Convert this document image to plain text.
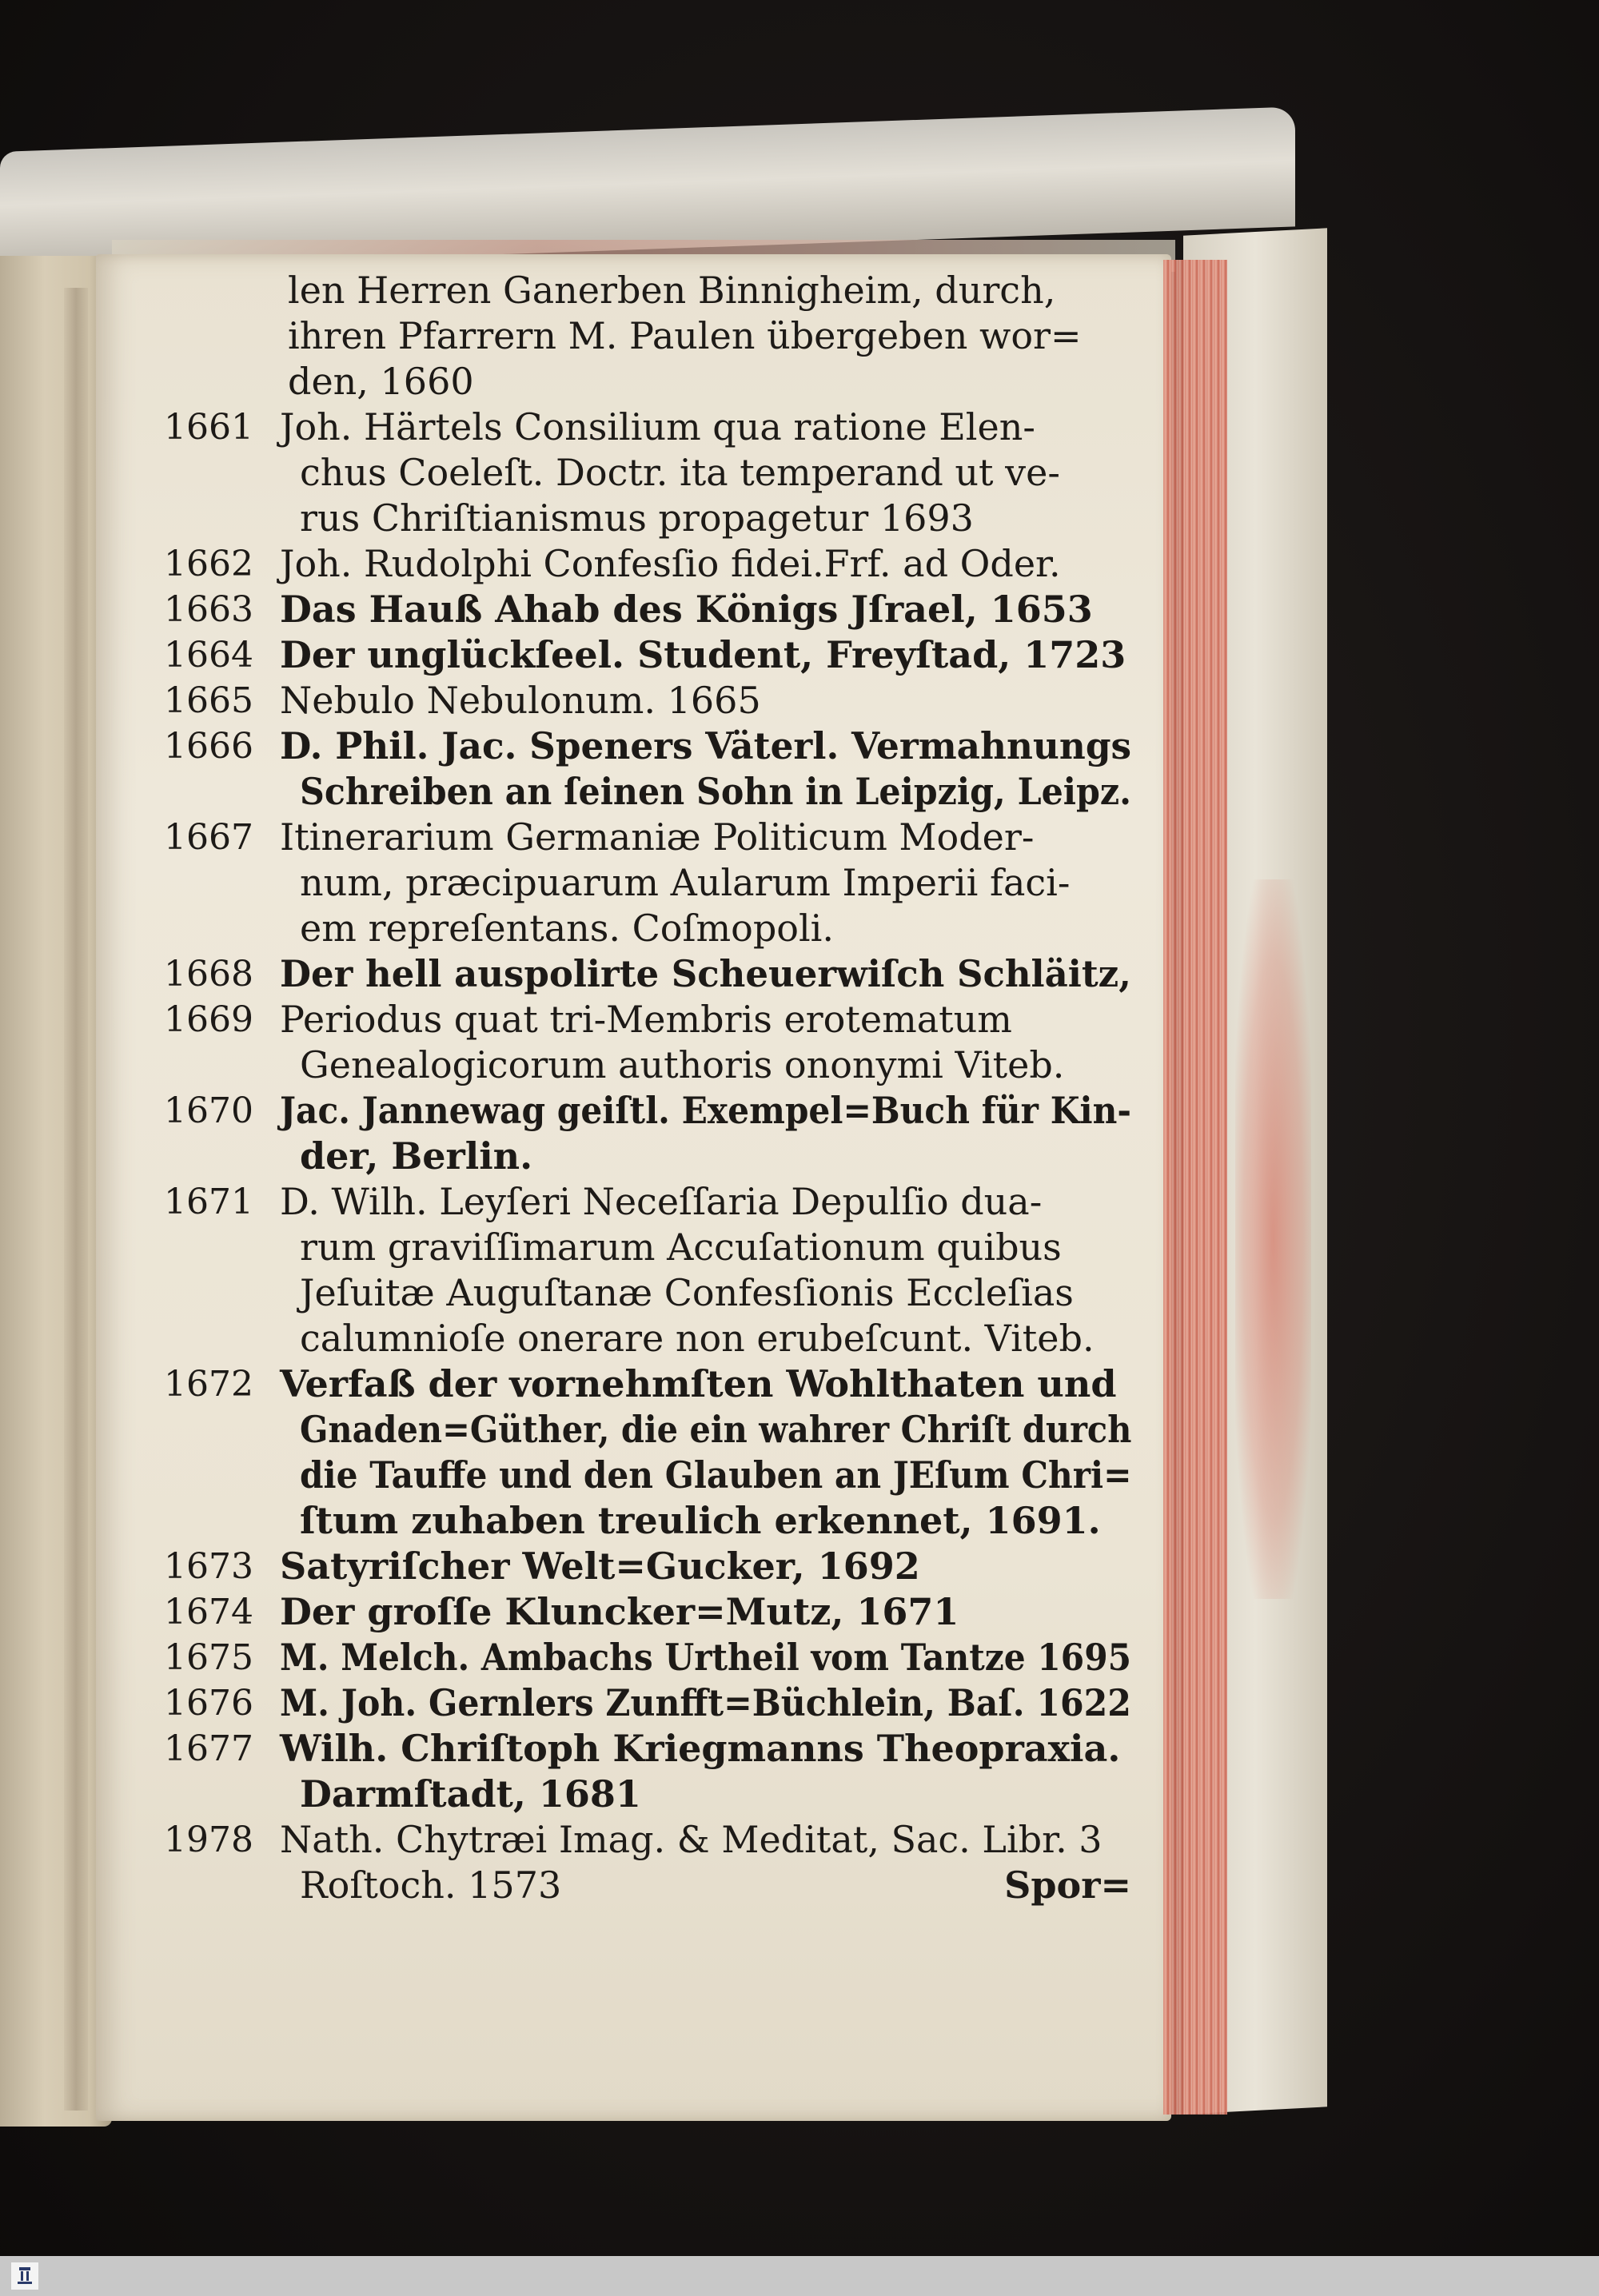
len Herren Ganerben Binnigheim, durch,
ihren Pfarrern M. Paulen übergeben wor=
den, 1660
1661 Joh. Härtels Consilium qua ratione Elen-
chus Coeleſt. Doctr. ita temperand ut ve-
rus Chriſtianismus propagetur 1693
1662 Joh. Rudolphi Confesſio fidei.Frf. ad Oder.
1663 Das Hauß Ahab des Königs Jſrael, 1653
1664 Der unglückſeel. Student, Freyſtad, 1723
1665 Nebulo Nebulonum. 1665
1666 D. Phil. Jac. Speners Väterl. Vermahnungs
Schreiben an ſeinen Sohn in Leipzig, Leipz.
1667 Itinerarium Germaniæ Politicum Moder-
num, præcipuarum Aularum Imperii faci-
em repreſentans. Coſmopoli.
1668 Der hell auspolirte Scheuerwiſch Schläitz,
1669 Periodus quat tri-Membris erotematum
Genealogicorum authoris ononymi Viteb.
1670 Jac. Jannewag geiſtl. Exempel=Buch für Kin-
der, Berlin.
1671 D. Wilh. Leyſeri Neceſſaria Depulſio dua-
rum graviſſimarum Accuſationum quibus
Jeſuitæ Auguſtanæ Confesſionis Eccleſias
calumnioſe onerare non erubeſcunt. Viteb.
1672 Verfaß der vornehmſten Wohlthaten und
Gnaden=Güther, die ein wahrer Chriſt durch
die Tauffe und den Glauben an JEſum Chri=
ſtum zuhaben treulich erkennet, 1691.
1673 Satyriſcher Welt=Gucker, 1692
1674 Der groſſe Kluncker=Mutz, 1671
1675 M. Melch. Ambachs Urtheil vom Tantze 1695
1676 M. Joh. Gernlers Zunfft=Büchlein, Baſ. 1622
1677 Wilh. Chriſtoph Kriegmanns Theopraxia.
Darmſtadt, 1681
1978 Nath. Chytræi Imag. & Meditat, Sac. Libr. 3
Roſtoch. 1573	Spor=
